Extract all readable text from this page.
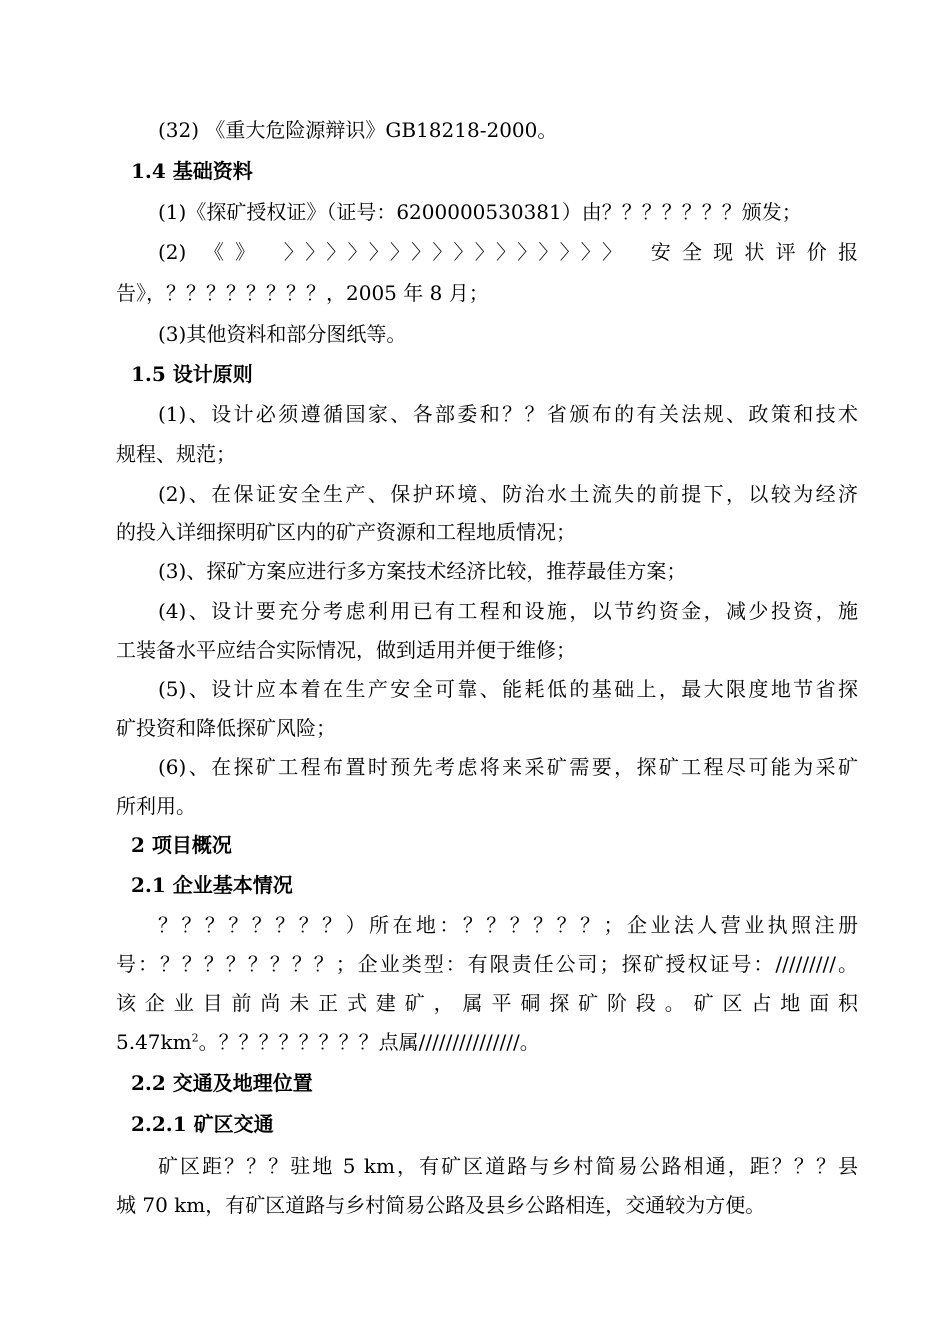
(32) 《重大危险源辩识》GB18218-2000。
1.4 基础资料
(1)《探矿授权证》（证号：6200000530381）由？？？？？？？颁发；
(2) 《》 〉〉〉〉〉〉〉〉〉〉〉〉〉〉〉〉 安全现状评价报
告》，？？？？？？？？，2005 年 8 月；
(3)其他资料和部分图纸等。
1.5 设计原则
(1)、设计必须遵循国家、各部委和？？省颁布的有关法规、政策和技术
规程、规范；
(2)、在保证安全生产、保护环境、防治水土流失的前提下，以较为经济
的投入详细探明矿区内的矿产资源和工程地质情况；
(3)、探矿方案应进行多方案技术经济比较，推荐最佳方案；
(4)、设计要充分考虑利用已有工程和设施，以节约资金，减少投资，施
工装备水平应结合实际情况，做到适用并便于维修；
(5)、设计应本着在生产安全可靠、能耗低的基础上，最大限度地节省探
矿投资和降低探矿风险；
(6)、在探矿工程布置时预先考虑将来采矿需要，探矿工程尽可能为采矿
所利用。
2 项目概况
2.1 企业基本情况
？？？？？？？？）所在地：？？？？？？；企业法人营业执照注册
号：？？？？？？？？；企业类型：有限责任公司；探矿授权证号：/////////。
该企业目前尚未正式建矿，属平硐探矿阶段。矿区占地面积
$5.47km^2$。？？？？？？？？点属///////////////。
2.2 交通及地理位置
2.2.1 矿区交通
矿区距？？？驻地 5 km，有矿区道路与乡村简易公路相通，距？？？县
城 70 km，有矿区道路与乡村简易公路及县乡公路相连，交通较为方便。
